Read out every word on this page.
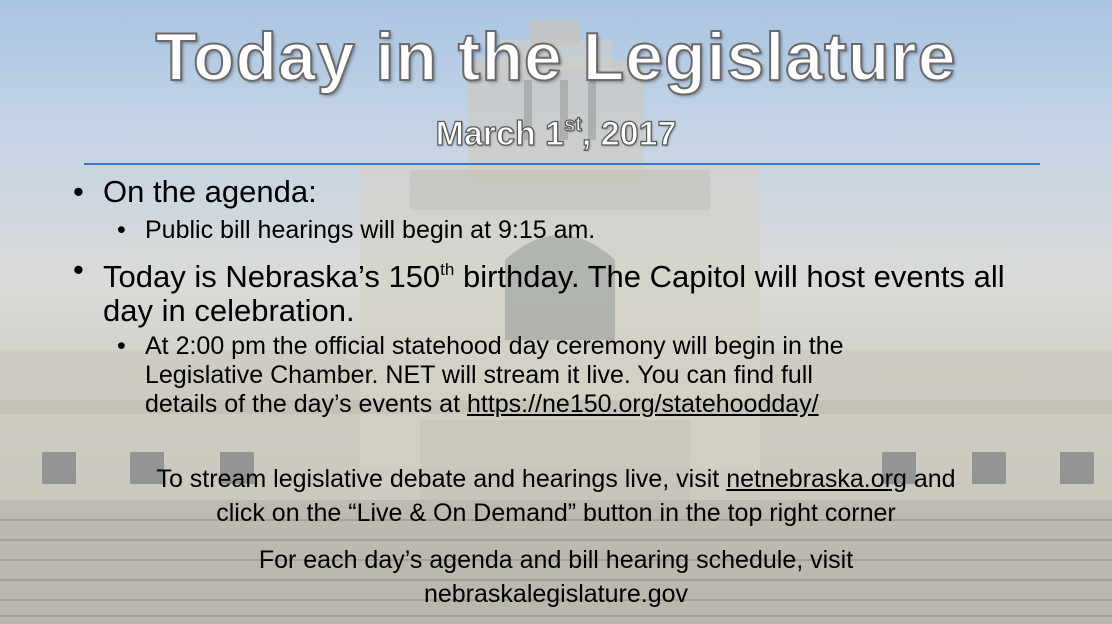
Today in the Legislature
March 1st, 2017
• On the agenda:
• Public bill hearings will begin at 9:15 am.
• Today is Nebraska’s 150th birthday. The Capitol will host events all day in celebration.
• At 2:00 pm the official statehood day ceremony will begin in the
Legislative Chamber. NET will stream it live. You can find full
details of the day’s events at https://ne150.org/statehoodday/
To stream legislative debate and hearings live, visit netnebraska.org and
click on the “Live & On Demand” button in the top right corner
For each day’s agenda and bill hearing schedule, visit
nebraskalegislature.gov
